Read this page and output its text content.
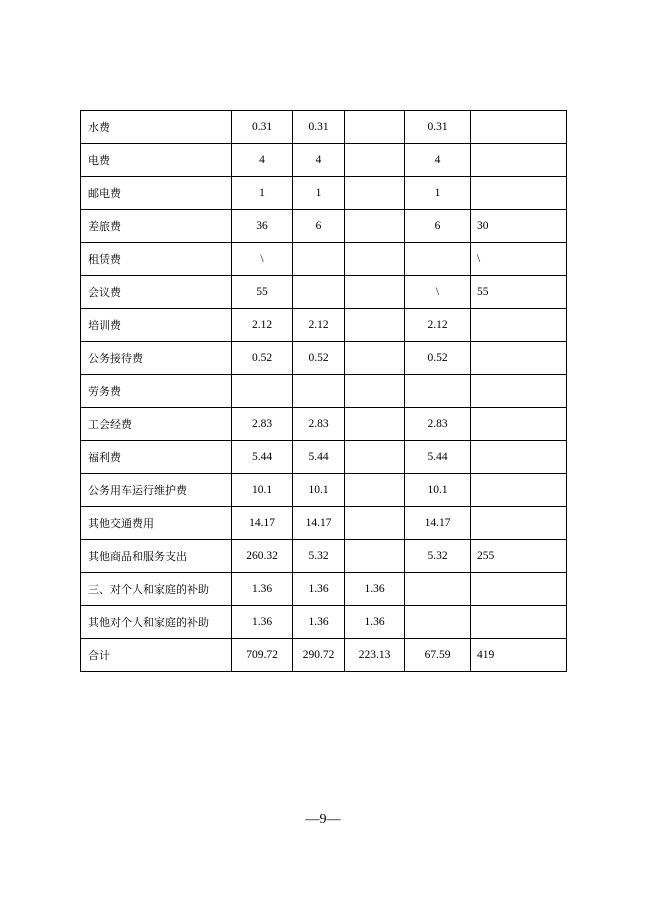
水费	0.31	0.31		0.31	
电费	4	4		4	
邮电费	1	1		1	
差旅费	36	6		6	30
租赁费	\				\
会议费	55			\	55
培训费	2.12	2.12		2.12	
公务接待费	0.52	0.52		0.52	
劳务费					
工会经费	2.83	2.83		2.83	
福利费	5.44	5.44		5.44	
公务用车运行维护费	10.1	10.1		10.1	
其他交通费用	14.17	14.17		14.17	
其他商品和服务支出	260.32	5.32		5.32	255
三、对个人和家庭的补助	1.36	1.36	1.36		
其他对个人和家庭的补助	1.36	1.36	1.36		
合计	709.72	290.72	223.13	67.59	419
—9—
